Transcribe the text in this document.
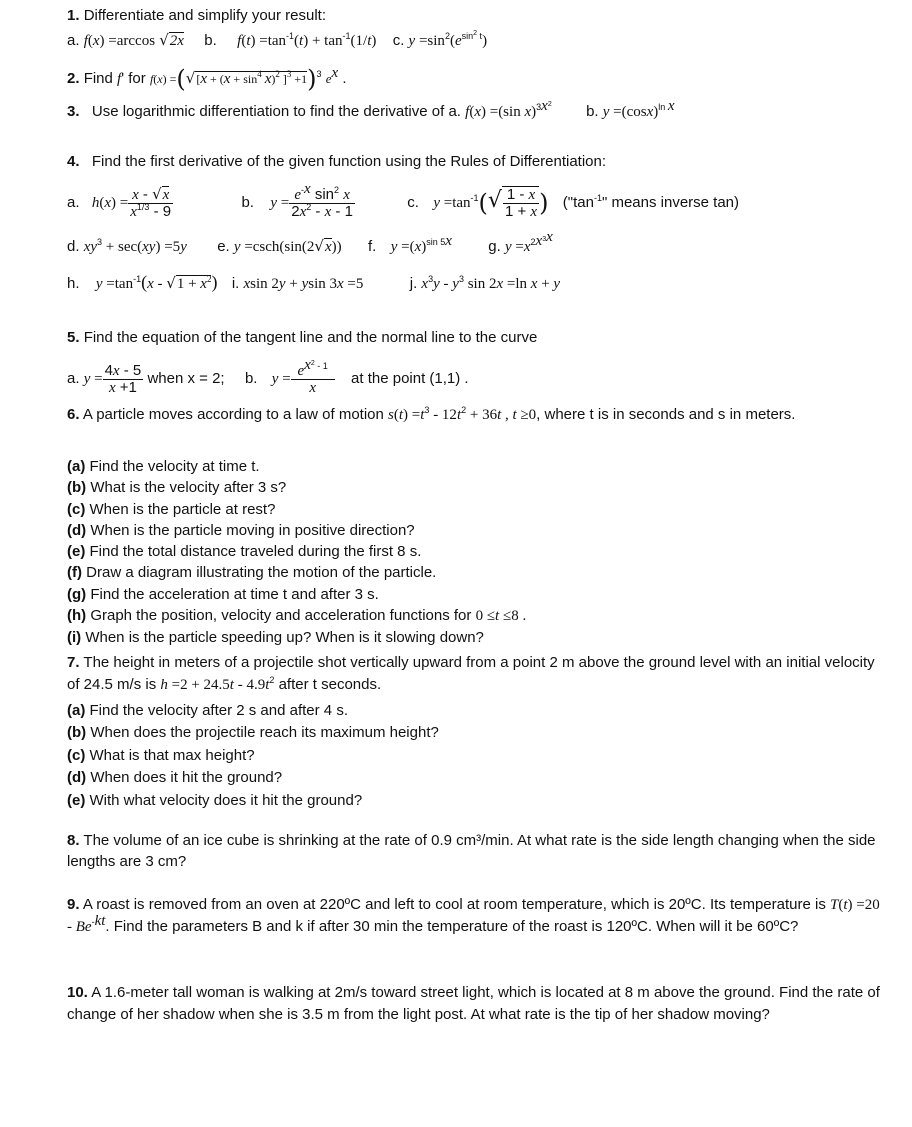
1. Differentiate and simplify your result:
a. f(x) =arccos √2x b. $f(t) =\tan^{-1}(t) + \tan^{-1}(1/t)$ c. $y =\sin^2(e^{sin^2 t})$
2. Find f' for $f(x) =(√[x + (x + \sin^4 x)^2$ ]$^3$ +1)$^3$ $e^x$ .
3. Use logarithmic differentiation to find the derivative of a. f(x) =(sin x)$^{3x^2}$ b. $y =(\cos x)^{ln x}$
4. Find the first derivative of the given function using the Rules of Differentiation:
a. $h(x) = \frac{x - √x}{x^{1/3} - 9}$	b. $y = \frac{e^{-x} \sin^2 x}{2x^2 - x - 1}$	c. $y =\tan^{-1}(√ \frac{1 - x}{1 + x}$ ) ("$\tan^{-1}$" means inverse tan)
d. $xy^3 + \sec(xy) =5y$ e. y =csch(sin(2√x)) f. $y =(x)^{sin 5x}$ g. $y =x^{2x^{3x}}$
h. $y =\tan^{-1}(x - √1 + x^2)$ i. xsin 2y + ysin 3x =5	j. $x^3y - y^3$ sin 2x =ln x + y
5. Find the equation of the tangent line and the normal line to the curve
a. $y = \frac{4x - 5}{x +1}$ when x = 2; b. $y = \frac{e^{x^2 - 1}}{x}$ at the point (1,1) .
6. A particle moves according to a law of motion $s(t) =t^3 - 12t^2 + 36t$ , t ≥0, where t is in seconds and s in meters.
(a) Find the velocity at time t.
(b) What is the velocity after 3 s?
(c) When is the particle at rest?
(d) When is the particle moving in positive direction?
(e) Find the total distance traveled during the first 8 s.
(f) Draw a diagram illustrating the motion of the particle.
(g) Find the acceleration at time t and after 3 s.
(h) Graph the position, velocity and acceleration functions for 0 ≤t ≤8 .
(i) When is the particle speeding up? When is it slowing down?
7. The height in meters of a projectile shot vertically upward from a point 2 m above the ground level with an initial velocity of 24.5 m/s is $h =2 + 24.5t - 4.9t^2$ after t seconds.
(a) Find the velocity after 2 s and after 4 s.
(b) When does the projectile reach its maximum height?
(c) What is that max height?
(d) When does it hit the ground?
(e) With what velocity does it hit the ground?
8. The volume of an ice cube is shrinking at the rate of 0.9 cm³/min. At what rate is the side length changing when the side lengths are 3 cm?
9. A roast is removed from an oven at 220ºC and left to cool at room temperature, which is 20ºC. Its temperature is $T(t) =20 - Be^{-kt}$. Find the parameters B and k if after 30 min the temperature of the roast is 120ºC. When will it be 60ºC?
10. A 1.6-meter tall woman is walking at 2m/s toward street light, which is located at 8 m above the ground. Find the rate of change of her shadow when she is 3.5 m from the light post. At what rate is the tip of her shadow moving?
